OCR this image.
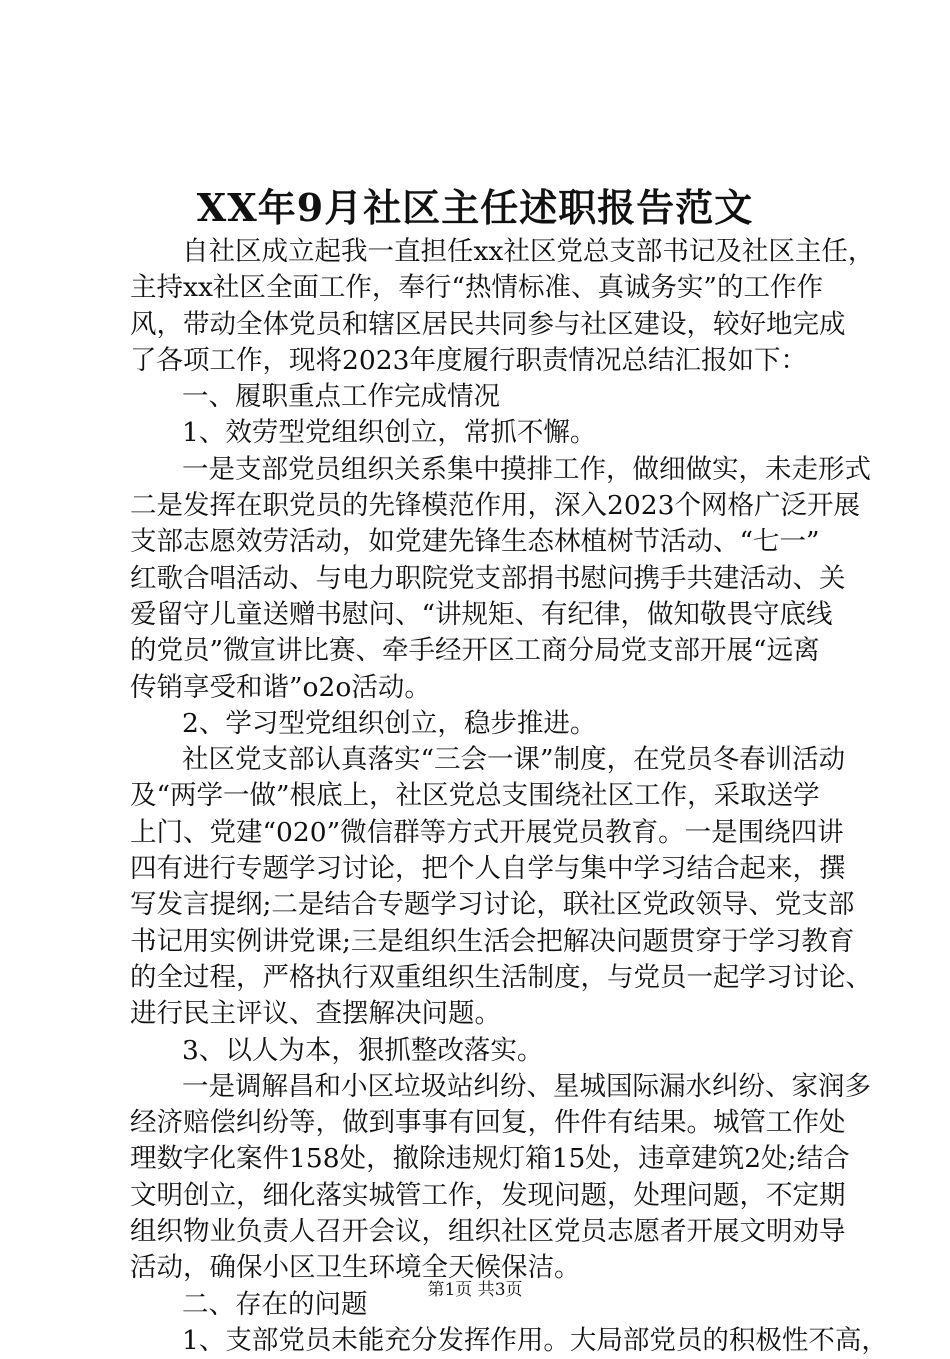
XX年9月社区主任述职报告范文
自社区成立起我一直担任xx社区党总支部书记及社区主任，
主持xx社区全面工作，奉行“热情标准、真诚务实”的工作作
风，带动全体党员和辖区居民共同参与社区建设，较好地完成
了各项工作，现将2023年度履行职责情况总结汇报如下：
一、履职重点工作完成情况
1、效劳型党组织创立，常抓不懈。
一是支部党员组织关系集中摸排工作，做细做实，未走形式
二是发挥在职党员的先锋模范作用，深入2023个网格广泛开展
支部志愿效劳活动，如党建先锋生态林植树节活动、“七一”
红歌合唱活动、与电力职院党支部捐书慰问携手共建活动、关
爱留守儿童送赠书慰问、“讲规矩、有纪律，做知敬畏守底线
的党员”微宣讲比赛、牵手经开区工商分局党支部开展“远离
传销享受和谐”o2o活动。
2、学习型党组织创立，稳步推进。
社区党支部认真落实“三会一课”制度，在党员冬春训活动
及“两学一做”根底上，社区党总支围绕社区工作，采取送学
上门、党建“020”微信群等方式开展党员教育。一是围绕四讲
四有进行专题学习讨论，把个人自学与集中学习结合起来，撰
写发言提纲;二是结合专题学习讨论，联社区党政领导、党支部
书记用实例讲党课;三是组织生活会把解决问题贯穿于学习教育
的全过程，严格执行双重组织生活制度，与党员一起学习讨论、
进行民主评议、查摆解决问题。
3、以人为本，狠抓整改落实。
一是调解昌和小区垃圾站纠纷、星城国际漏水纠纷、家润多
经济赔偿纠纷等，做到事事有回复，件件有结果。城管工作处
理数字化案件158处，撤除违规灯箱15处，违章建筑2处;结合
文明创立，细化落实城管工作，发现问题，处理问题，不定期
组织物业负责人召开会议，组织社区党员志愿者开展文明劝导
活动，确保小区卫生环境全天候保洁。
二、存在的问题
1、支部党员未能充分发挥作用。大局部党员的积极性不高，
第1页 共3页
